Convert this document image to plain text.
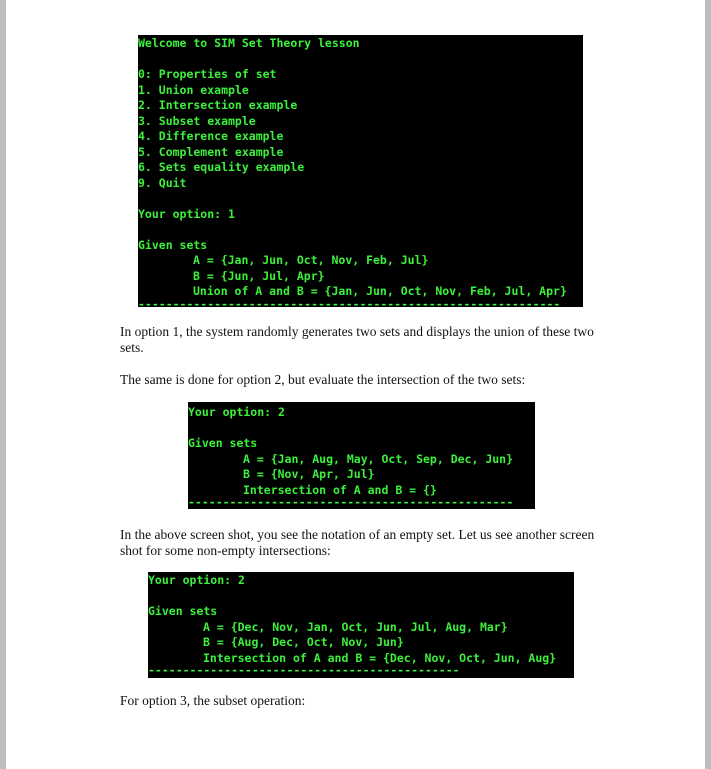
Welcome to SIM Set Theory lesson
0: Properties of set
1. Union example
2. Intersection example
3. Subset example
4. Difference example
5. Complement example
6. Sets equality example
9. Quit
Your option: 1
Given sets
A = {Jan, Jun, Oct, Nov, Feb, Jul}
B = {Jun, Jul, Apr}
Union of A and B = {Jan, Jun, Oct, Nov, Feb, Jul, Apr}
-------------------------------------------------------------

In option 1, the system randomly generates two sets and displays the union of these two sets.

The same is done for option 2, but evaluate the intersection of the two sets:

Your option: 2
Given sets
A = {Jan, Aug, May, Oct, Sep, Dec, Jun}
B = {Nov, Apr, Jul}
Intersection of A and B = {}
-----------------------------------------------

In the above screen shot, you see the notation of an empty set. Let us see another screen shot for some non-empty intersections:

Your option: 2
Given sets
A = {Dec, Nov, Jan, Oct, Jun, Jul, Aug, Mar}
B = {Aug, Dec, Oct, Nov, Jun}
Intersection of A and B = {Dec, Nov, Oct, Jun, Aug}
---------------------------------------------

For option 3, the subset operation:
